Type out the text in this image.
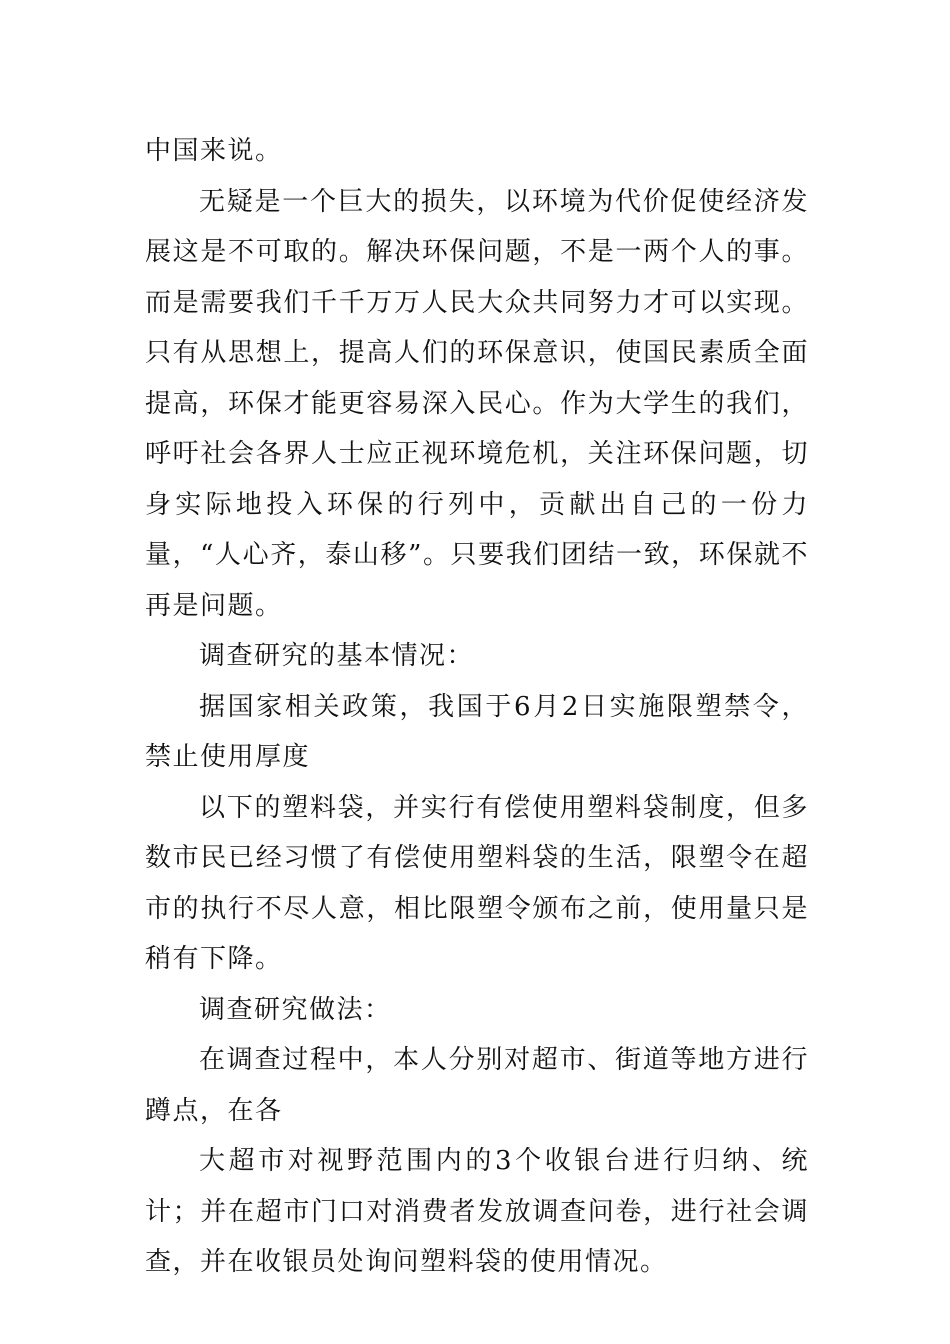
中国来说。

无疑是一个巨大的损失，以环境为代价促使经济发展这是不可取的。解决环保问题，不是一两个人的事。而是需要我们千千万万人民大众共同努力才可以实现。只有从思想上，提高人们的环保意识，使国民素质全面提高，环保才能更容易深入民心。作为大学生的我们，呼吁社会各界人士应正视环境危机，关注环保问题，切身实际地投入环保的行列中，贡献出自己的一份力量，“人心齐，泰山移”。只要我们团结一致，环保就不再是问题。

调查研究的基本情况：

据国家相关政策，我国于6月2日实施限塑禁令，禁止使用厚度

以下的塑料袋，并实行有偿使用塑料袋制度，但多数市民已经习惯了有偿使用塑料袋的生活，限塑令在超市的执行不尽人意，相比限塑令颁布之前，使用量只是稍有下降。

调查研究做法：

在调查过程中，本人分别对超市、街道等地方进行蹲点，在各

大超市对视野范围内的3个收银台进行归纳、统计；并在超市门口对消费者发放调查问卷，进行社会调查，并在收银员处询问塑料袋的使用情况。
